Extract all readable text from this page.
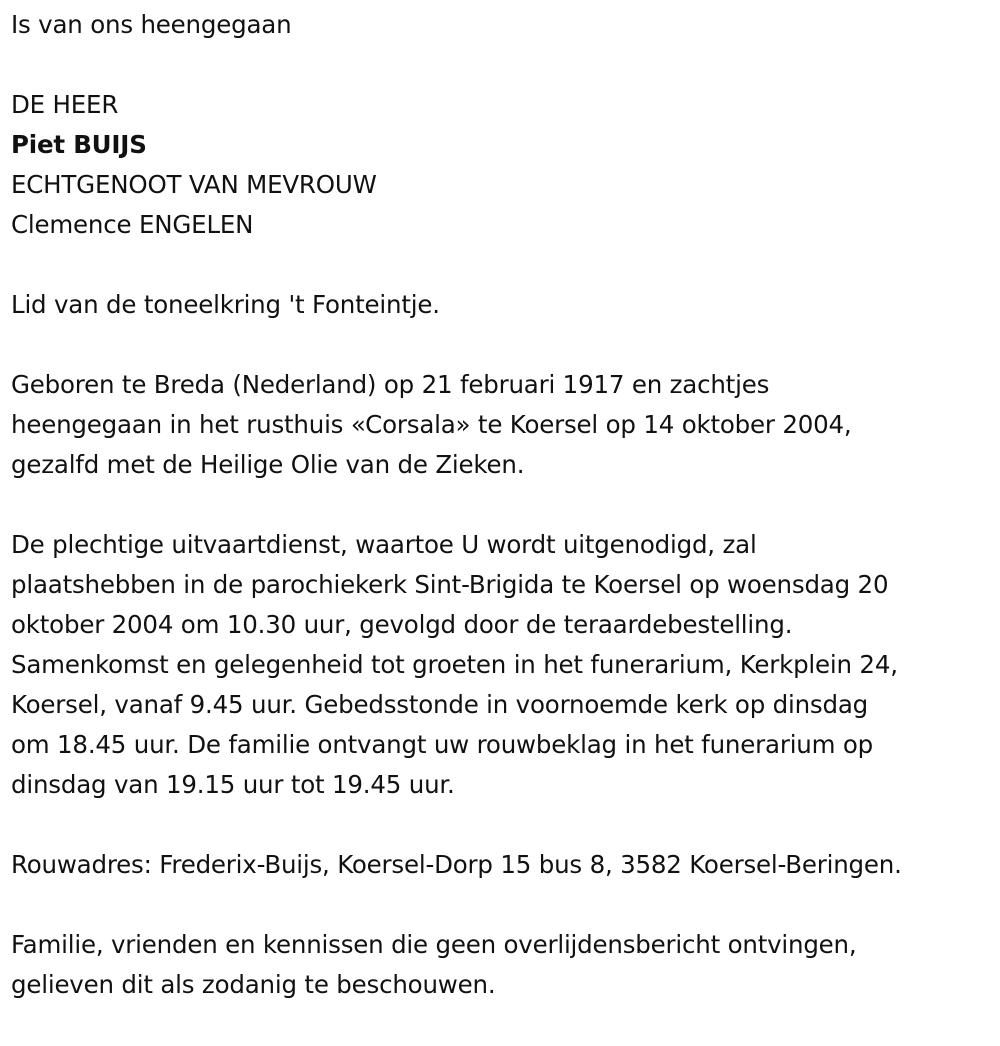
Is van ons heengegaan
DE HEER
Piet BUIJS
ECHTGENOOT VAN MEVROUW
Clemence ENGELEN
Lid van de toneelkring 't Fonteintje.
Geboren te Breda (Nederland) op 21 februari 1917 en zachtjes
heengegaan in het rusthuis «Corsala» te Koersel op 14 oktober 2004,
gezalfd met de Heilige Olie van de Zieken.
De plechtige uitvaartdienst, waartoe U wordt uitgenodigd, zal
plaatshebben in de parochiekerk Sint-Brigida te Koersel op woensdag 20
oktober 2004 om 10.30 uur, gevolgd door de teraardebestelling.
Samenkomst en gelegenheid tot groeten in het funerarium, Kerkplein 24,
Koersel, vanaf 9.45 uur. Gebedsstonde in voornoemde kerk op dinsdag
om 18.45 uur. De familie ontvangt uw rouwbeklag in het funerarium op
dinsdag van 19.15 uur tot 19.45 uur.
Rouwadres: Frederix-Buijs, Koersel-Dorp 15 bus 8, 3582 Koersel-Beringen.
Familie, vrienden en kennissen die geen overlijdensbericht ontvingen,
gelieven dit als zodanig te beschouwen.
